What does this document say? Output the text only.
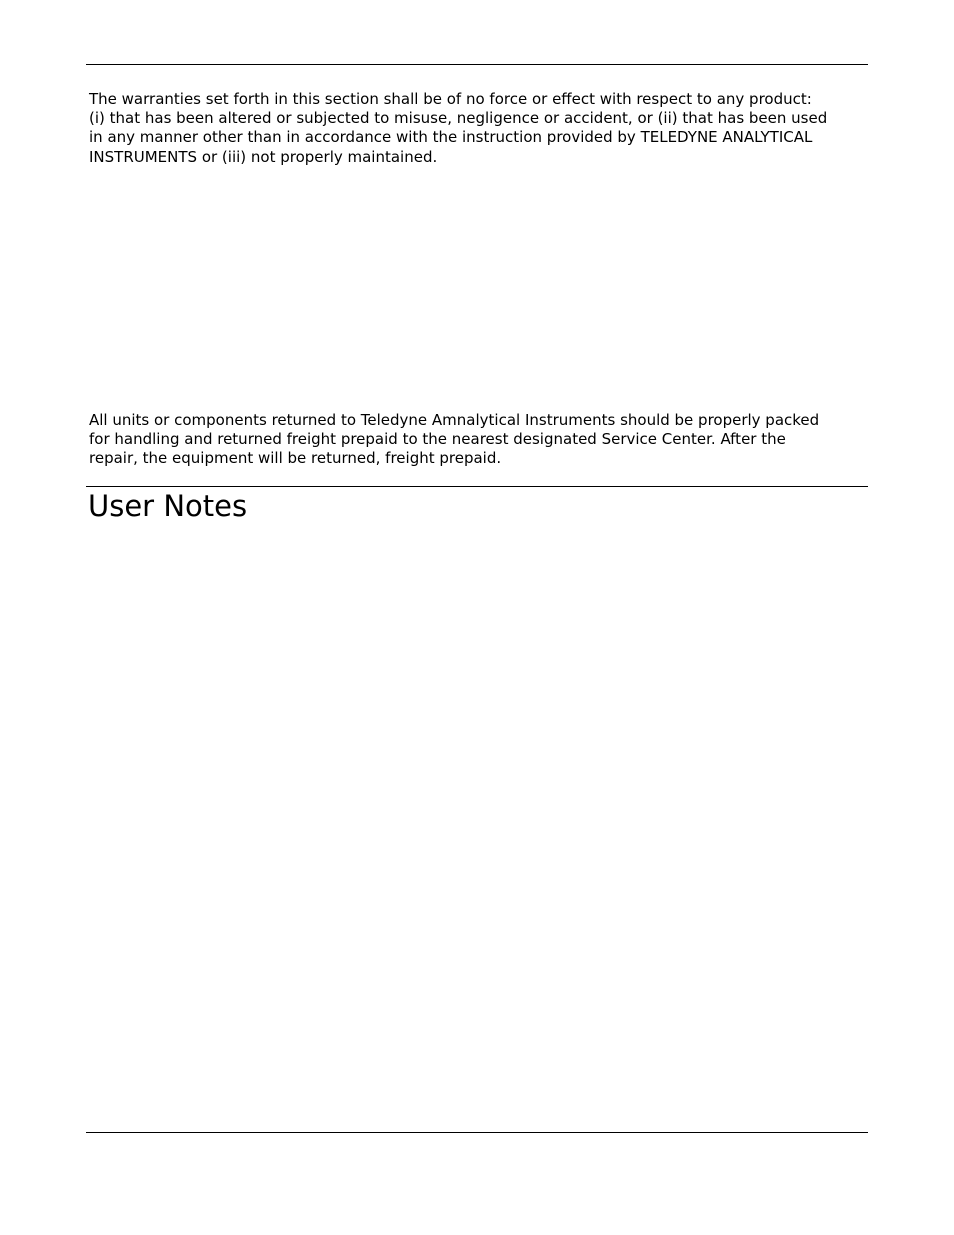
The warranties set forth in this section shall be of no force or effect with respect to any product:
(i) that has been altered or subjected to misuse, negligence or accident, or (ii) that has been used
in any manner other than in accordance with the instruction provided by TELEDYNE ANALYTICAL
INSTRUMENTS or (iii) not properly maintained.

All units or components returned to Teledyne Amnalytical Instruments should be properly packed
for handling and returned freight prepaid to the nearest designated Service Center. After the
repair, the equipment will be returned, freight prepaid.

User Notes
